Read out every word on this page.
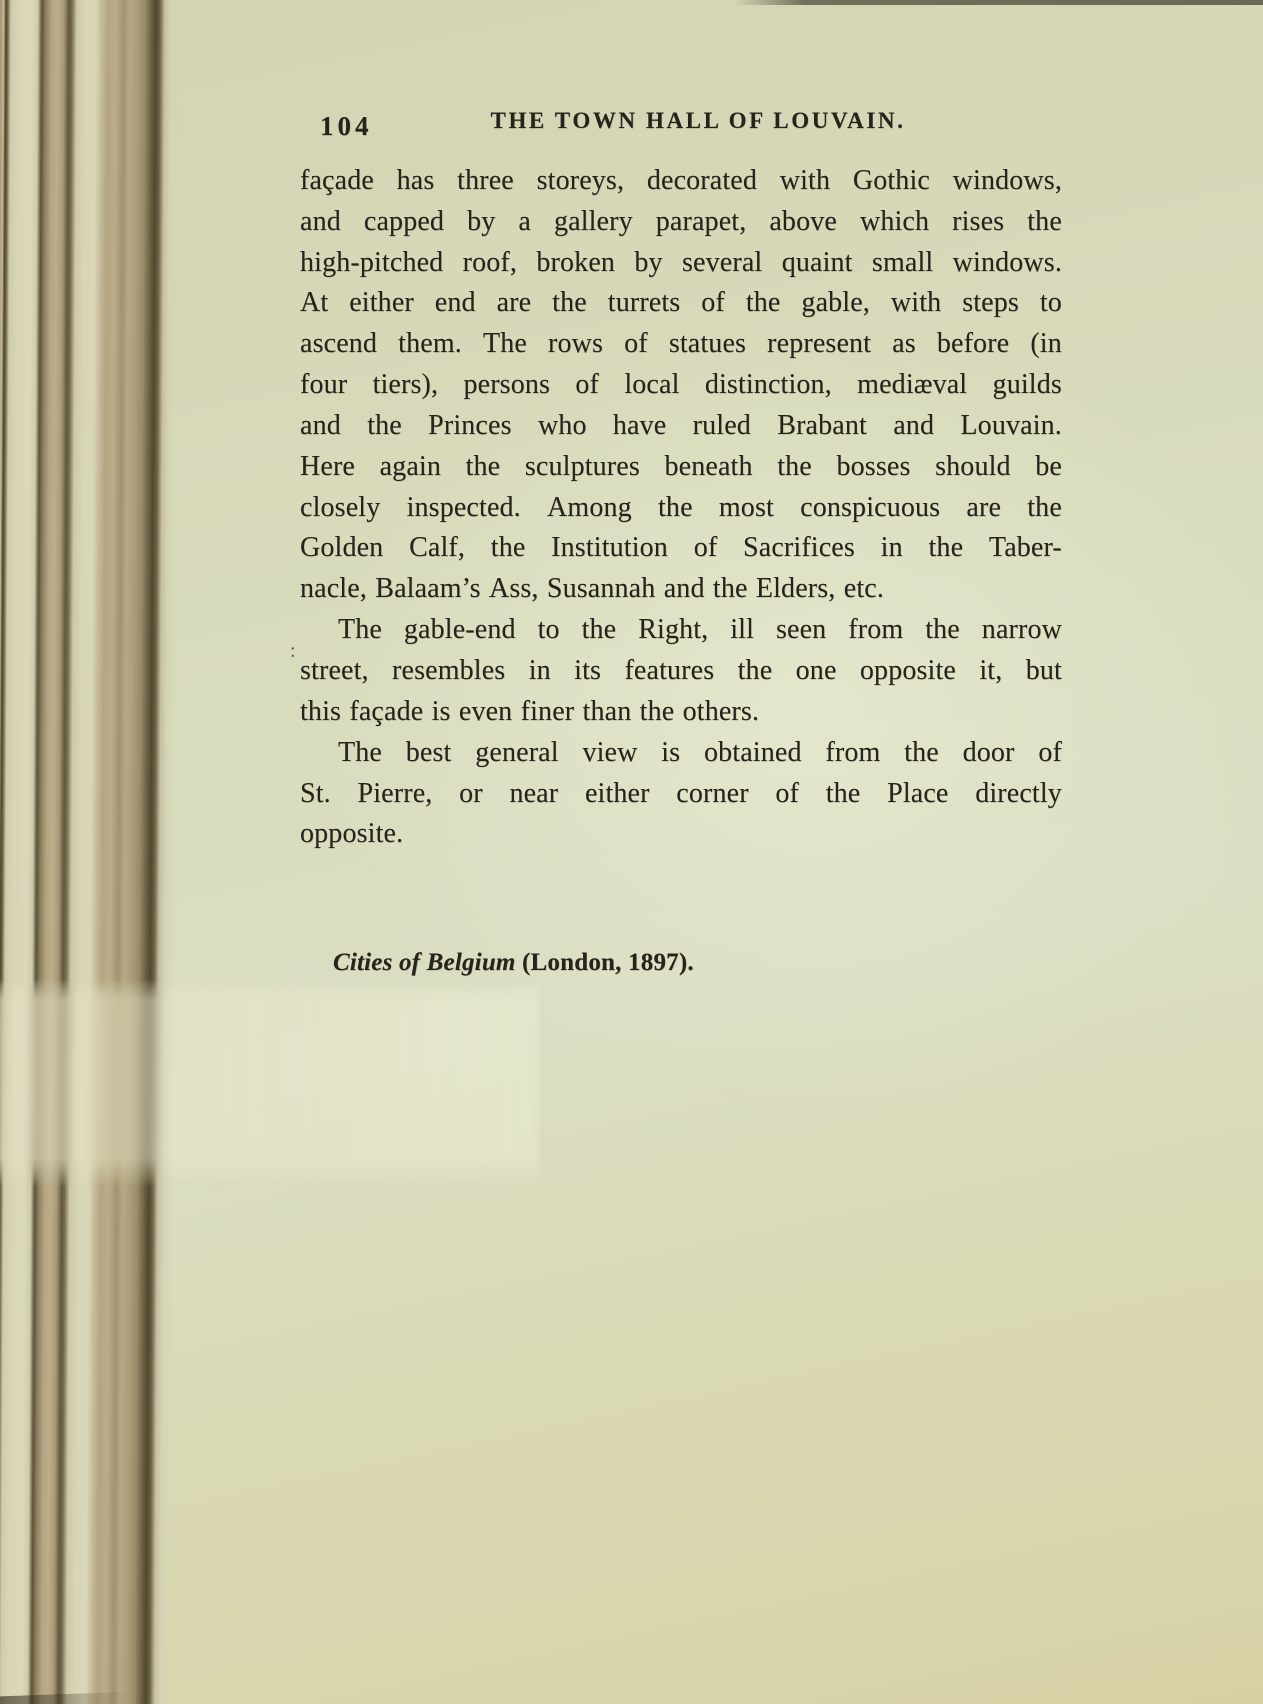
104	THE TOWN HALL OF LOUVAIN.
façade has three storeys, decorated with Gothic windows,
and capped by a gallery parapet, above which rises the
high-pitched roof, broken by several quaint small windows.
At either end are the turrets of the gable, with steps to
ascend them. The rows of statues represent as before (in
four tiers), persons of local distinction, mediæval guilds
and the Princes who have ruled Brabant and Louvain.
Here again the sculptures beneath the bosses should be
closely inspected. Among the most conspicuous are the
Golden Calf, the Institution of Sacrifices in the Taber-
nacle, Balaam’s Ass, Susannah and the Elders, etc.
The gable-end to the Right, ill seen from the narrow
street, resembles in its features the one opposite it, but
this façade is even finer than the others.
The best general view is obtained from the door of
St. Pierre, or near either corner of the Place directly
opposite.
:
Cities of Belgium (London, 1897).
